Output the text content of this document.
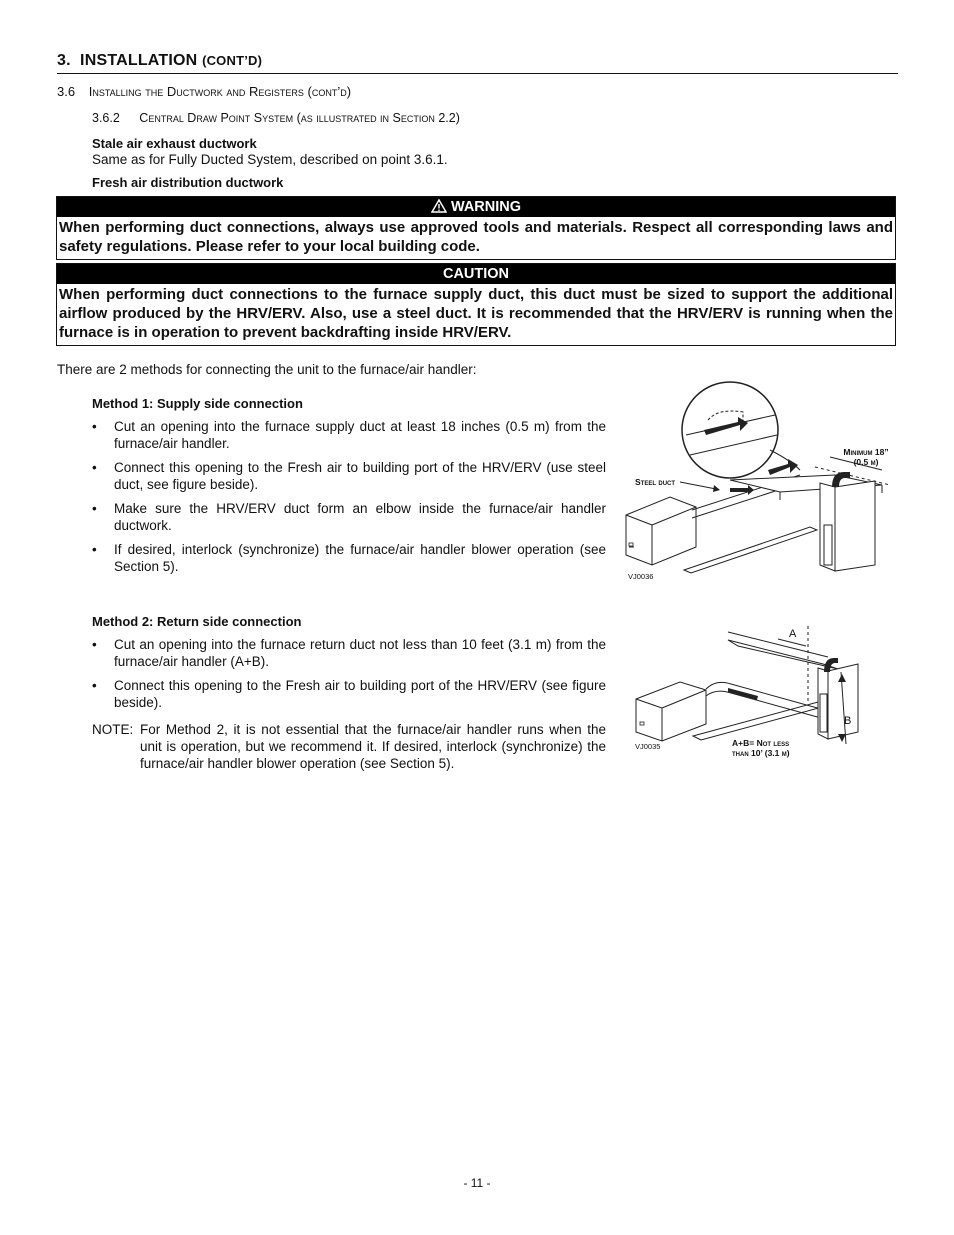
3. INSTALLATION (CONT’D)
3.6 Installing the Ductwork and Registers (cont’d)
3.6.2 Central Draw Point System (as illustrated in Section 2.2)
Stale air exhaust ductwork
Same as for Fully Ducted System, described on point 3.6.1.
Fresh air distribution ductwork
WARNING
When performing duct connections, always use approved tools and materials. Respect all corresponding laws and safety regulations. Please refer to your local building code.
CAUTION
When performing duct connections to the furnace supply duct, this duct must be sized to support the additional airflow produced by the HRV/ERV. Also, use a steel duct. It is recommended that the HRV/ERV is running when the furnace is in operation to prevent backdrafting inside HRV/ERV.
There are 2 methods for connecting the unit to the furnace/air handler:
Method 1: Supply side connection
• Cut an opening into the furnace supply duct at least 18 inches (0.5 m) from the furnace/air handler.
• Connect this opening to the Fresh air to building port of the HRV/ERV (use steel duct, see figure beside).
• Make sure the HRV/ERV duct form an elbow inside the furnace/air handler ductwork.
• If desired, interlock (synchronize) the furnace/air handler blower operation (see Section 5).
Steel duct
Minimum 18”
(0.5 m)
VJ0036
Method 2: Return side connection
• Cut an opening into the furnace return duct not less than 10 feet (3.1 m) from the furnace/air handler (A+B).
• Connect this opening to the Fresh air to building port of the HRV/ERV (see figure beside).
NOTE: For Method 2, it is not essential that the furnace/air handler runs when the unit is operation, but we recommend it. If desired, interlock (synchronize) the furnace/air handler blower operation (see Section 5).
A
B
A+B= Not less
than 10’ (3.1 m)
VJ0035
- 11 -
